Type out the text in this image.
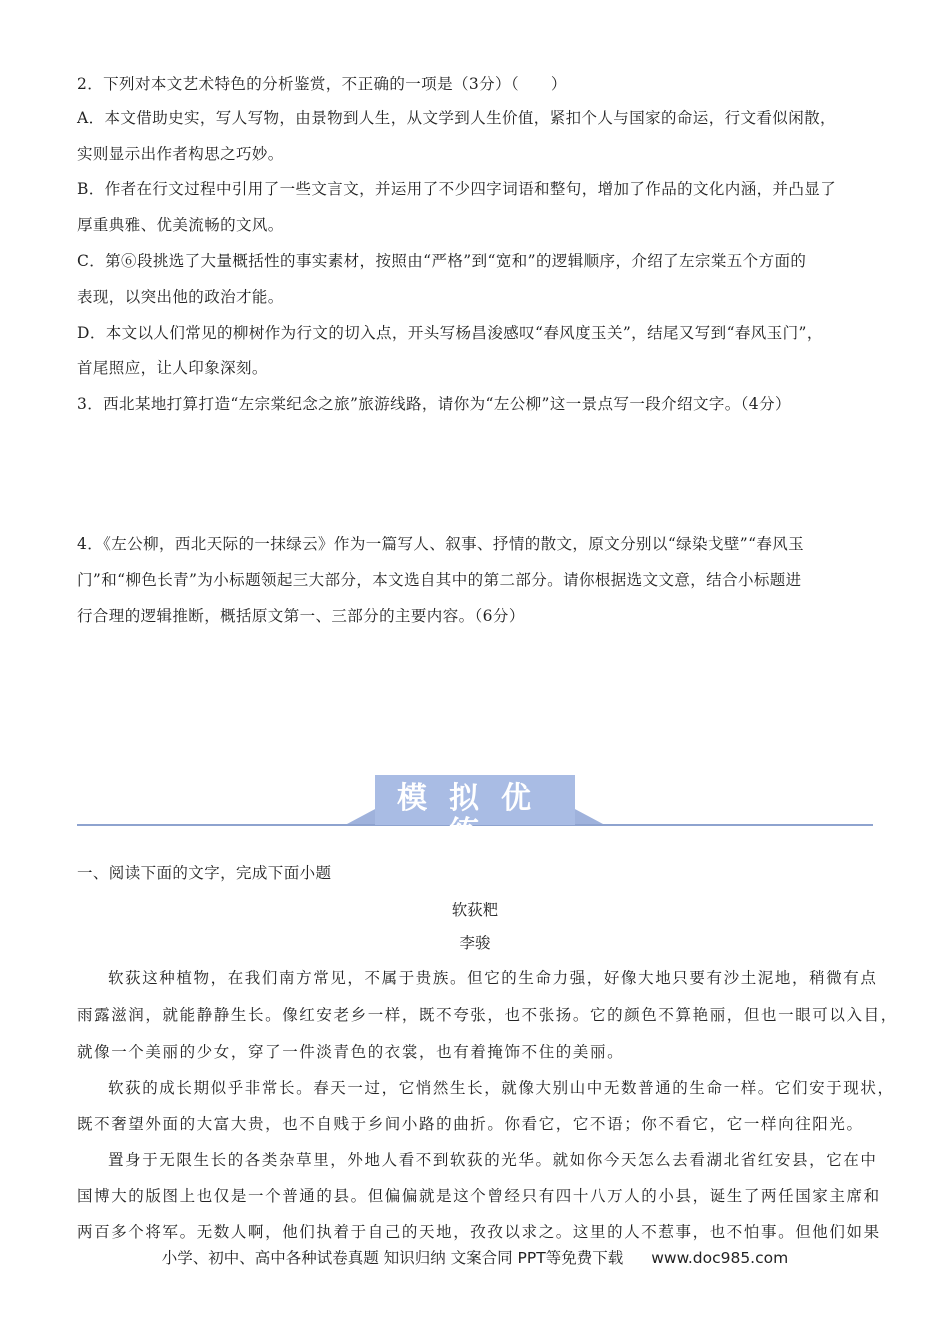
2．下列对本文艺术特色的分析鉴赏，不正确的一项是（3分）（　　）
A．本文借助史实，写人写物，由景物到人生，从文学到人生价值，紧扣个人与国家的命运，行文看似闲散，
实则显示出作者构思之巧妙。
B．作者在行文过程中引用了一些文言文，并运用了不少四字词语和整句，增加了作品的文化内涵，并凸显了
厚重典雅、优美流畅的文风。
C．第⑥段挑选了大量概括性的事实素材，按照由“严格”到“宽和”的逻辑顺序，介绍了左宗棠五个方面的
表现，以突出他的政治才能。
D．本文以人们常见的柳树作为行文的切入点，开头写杨昌浚感叹“春风度玉关”，结尾又写到“春风玉门”，
首尾照应，让人印象深刻。
3．西北某地打算打造“左宗棠纪念之旅”旅游线路，请你为“左公柳”这一景点写一段介绍文字。（4分）
4．《左公柳，西北天际的一抹绿云》作为一篇写人、叙事、抒情的散文，原文分别以“绿染戈壁”“春风玉
门”和“柳色长青”为小标题领起三大部分，本文选自其中的第二部分。请你根据选文文意，结合小标题进
行合理的逻辑推断，概括原文第一、三部分的主要内容。（6分）
模拟优练
一、阅读下面的文字，完成下面小题
软荻粑
李骏
软荻这种植物，在我们南方常见，不属于贵族。但它的生命力强，好像大地只要有沙土泥地，稍微有点
雨露滋润，就能静静生长。像红安老乡一样，既不夸张，也不张扬。它的颜色不算艳丽，但也一眼可以入目，
就像一个美丽的少女，穿了一件淡青色的衣裳，也有着掩饰不住的美丽。
软荻的成长期似乎非常长。春天一过，它悄然生长，就像大别山中无数普通的生命一样。它们安于现状，
既不奢望外面的大富大贵，也不自贱于乡间小路的曲折。你看它，它不语；你不看它，它一样向往阳光。
置身于无限生长的各类杂草里，外地人看不到软荻的光华。就如你今天怎么去看湖北省红安县，它在中
国博大的版图上也仅是一个普通的县。但偏偏就是这个曾经只有四十八万人的小县，诞生了两任国家主席和
两百多个将军。无数人啊，他们执着于自己的天地，孜孜以求之。这里的人不惹事，也不怕事。但他们如果
小学、初中、高中各种试卷真题 知识归纳 文案合同 PPT等免费下载 www.doc985.com
